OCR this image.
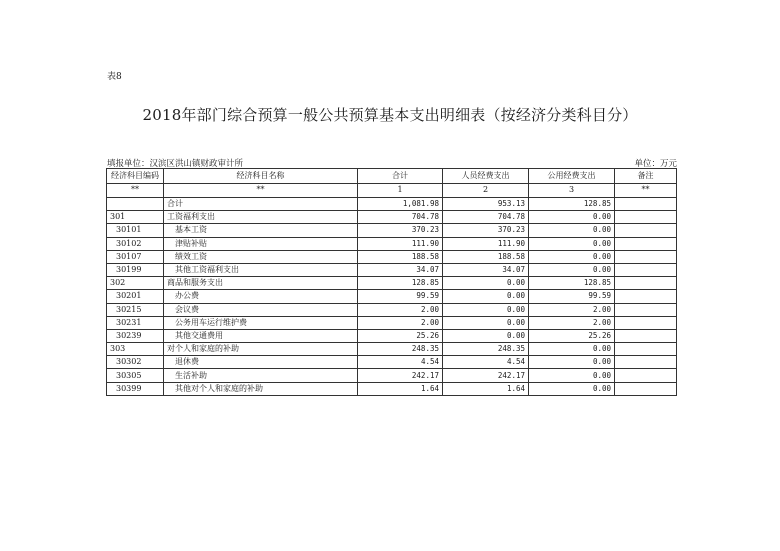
表8
2018年部门综合预算一般公共预算基本支出明细表（按经济分类科目分）
填报单位：汉滨区洪山镇财政审计所	单位：万元
经济科目编码	经济科目名称	合计	人员经费支出	公用经费支出	备注
**	**	1	2	3	**
	合计	1,081.98	953.13	128.85	
301	工资福利支出	704.78	704.78	0.00	
30101	基本工资	370.23	370.23	0.00	
30102	津贴补贴	111.90	111.90	0.00	
30107	绩效工资	188.58	188.58	0.00	
30199	其他工资福利支出	34.07	34.07	0.00	
302	商品和服务支出	128.85	0.00	128.85	
30201	办公费	99.59	0.00	99.59	
30215	会议费	2.00	0.00	2.00	
30231	公务用车运行维护费	2.00	0.00	2.00	
30239	其他交通费用	25.26	0.00	25.26	
303	对个人和家庭的补助	248.35	248.35	0.00	
30302	退休费	4.54	4.54	0.00	
30305	生活补助	242.17	242.17	0.00	
30399	其他对个人和家庭的补助	1.64	1.64	0.00	
